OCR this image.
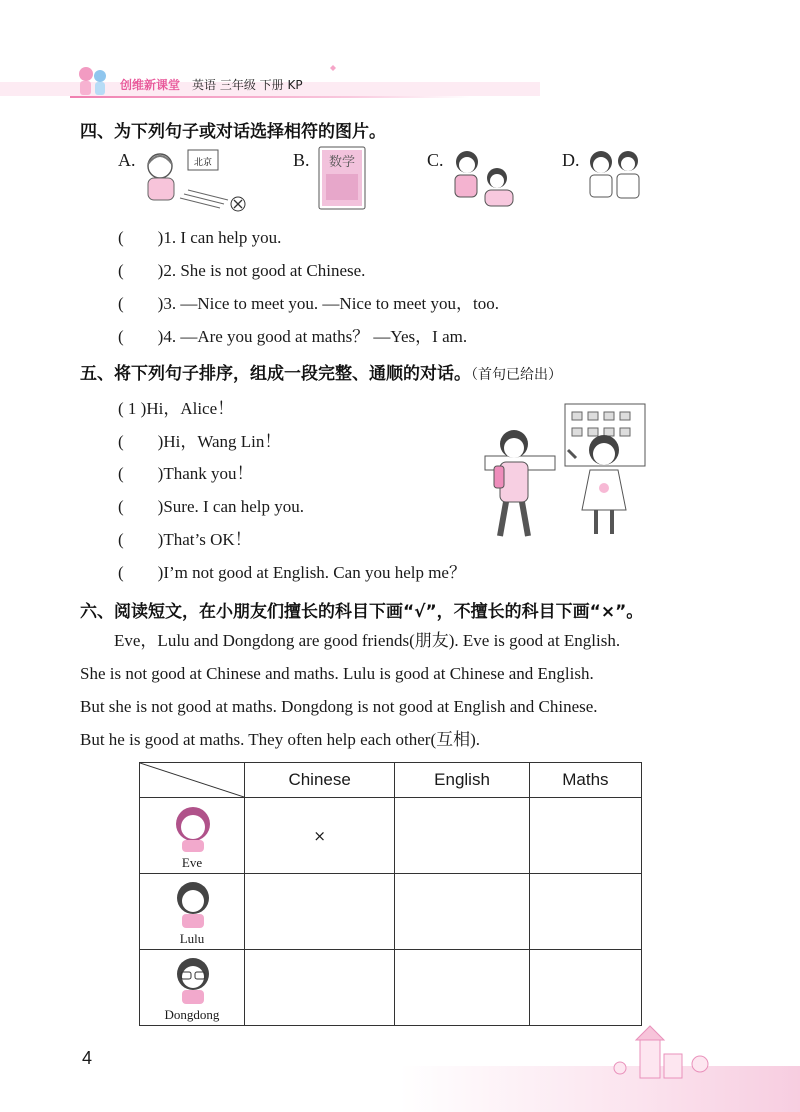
创维新课堂 英语 三年级 下册 KP
四、为下列句子或对话选择相符的图片。
A.	北京	B. 数学	C.	D.
(　　)1. I can help you.
(　　)2. She is not good at Chinese.
(　　)3. —Nice to meet you. —Nice to meet you，too.
(　　)4. —Are you good at maths？ —Yes，I am.
五、将下列句子排序，组成一段完整、通顺的对话。（首句已给出）
( 1 )Hi，Alice！
(　　)Hi，Wang Lin！
(　　)Thank you！
(　　)Sure. I can help you.
(　　)That’s OK！
(　　)I’m not good at English. Can you help me？
六、阅读短文，在小朋友们擅长的科目下画“√”，不擅长的科目下画“×”。
Eve，Lulu and Dongdong are good friends(朋友). Eve is good at English.
She is not good at Chinese and maths. Lulu is good at Chinese and English.
But she is not good at maths. Dongdong is not good at English and Chinese.
But he is good at maths. They often help each other(互相).
	Chinese	English	Maths

Eve	×		

Lulu			

Dongdong			

4
